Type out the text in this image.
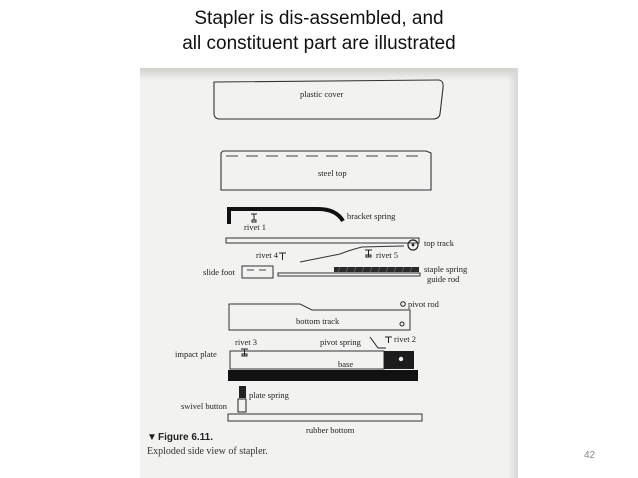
Stapler is dis-assembled, and
all constituent part are illustrated
plastic cover
steel top
bracket spring
rivet 1
top track
rivet 4	rivet 5
slide foot	staple spring
guide rod
pivot rod
bottom track
rivet 3	pivot spring	rivet 2
base
impact plate
plate spring
swivel button
rubber bottom
▼ Figure 6.11.
Exploded side view of stapler.	42
